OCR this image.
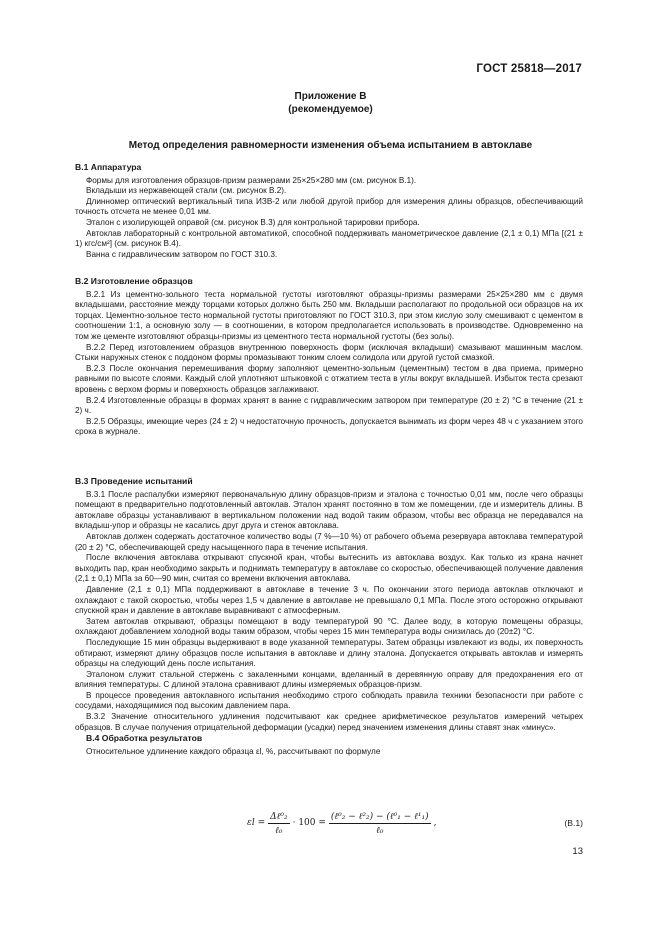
ГОСТ 25818—2017
Приложение В
(рекомендуемое)
Метод определения равномерности изменения объема испытанием в автоклаве
В.1 Аппаратура
Формы для изготовления образцов-призм размерами 25×25×280 мм (см. рисунок В.1).
Вкладыши из нержавеющей стали (см. рисунок В.2).
Длинномер оптический вертикальный типа ИЗВ-2 или любой другой прибор для измерения длины образцов, обеспечивающий точность отсчета не менее 0,01 мм.
Эталон с изолирующей оправой (см. рисунок В.3) для контрольной тарировки прибора.
Автоклав лабораторный с контрольной автоматикой, способной поддерживать манометрическое давление (2,1 ± 0,1) МПа [(21 ± 1) кгс/см²] (см. рисунок В.4).
Ванна с гидравлическим затвором по ГОСТ 310.3.
В.2 Изготовление образцов
В.2.1 Из цементно-зольного теста нормальной густоты изготовляют образцы-призмы размерами 25×25×280 мм с двумя вкладышами, расстояние между торцами которых должно быть 250 мм. Вкладыши располагают по продольной оси образцов на их торцах. Цементно-зольное тесто нормальной густоты приготовляют по ГОСТ 310.3, при этом кислую золу смешивают с цементом в соотношении 1:1, а основную золу — в соотношении, в котором предполагается использовать в производстве. Одновременно на том же цементе изготовляют образцы-призмы из цементного теста нормальной густоты (без золы).
В.2.2 Перед изготовлением образцов внутреннюю поверхность форм (исключая вкладыши) смазывают машинным маслом. Стыки наружных стенок с поддоном формы промазывают тонким слоем солидола или другой густой смазкой.
В.2.3 После окончания перемешивания форму заполняют цементно-зольным (цементным) тестом в два приема, примерно равными по высоте слоями. Каждый слой уплотняют штыковкой с отжатием теста в углы вокруг вкладышей. Избыток теста срезают вровень с верхом формы и поверхность образцов заглаживают.
В.2.4 Изготовленные образцы в формах хранят в ванне с гидравлическим затвором при температуре (20 ± 2) °С в течение (21 ± 2) ч.
В.2.5 Образцы, имеющие через (24 ± 2) ч недостаточную прочность, допускается вынимать из форм через 48 ч с указанием этого срока в журнале.
В.3 Проведение испытаний
В.3.1 После распалубки измеряют первоначальную длину образцов-призм и эталона с точностью 0,01 мм, после чего образцы помещают в предварительно подготовленный автоклав. Эталон хранят постоянно в том же помещении, где и измеритель длины. В автоклаве образцы устанавливают в вертикальном положении над водой таким образом, чтобы вес образца не передавался на вкладыш-упор и образцы не касались друг друга и стенок автоклава.
Автоклав должен содержать достаточное количество воды (7 %—10 %) от рабочего объема резервуара автоклава температурой (20 ± 2) °С, обеспечивающей среду насыщенного пара в течение испытания.
После включения автоклава открывают спускной кран, чтобы вытеснить из автоклава воздух. Как только из крана начнет выходить пар, кран необходимо закрыть и поднимать температуру в автоклаве со скоростью, обеспечивающей получение давления (2,1 ± 0,1) МПа за 60—90 мин, считая со времени включения автоклава.
Давление (2,1 ± 0,1) МПа поддерживают в автоклаве в течение 3 ч. По окончании этого периода автоклав отключают и охлаждают с такой скоростью, чтобы через 1,5 ч давление в автоклаве не превышало 0,1 МПа. После этого осторожно открывают спускной кран и давление в автоклаве выравнивают с атмосферным.
Затем автоклав открывают, образцы помещают в воду температурой 90 °С. Далее воду, в которую помещены образцы, охлаждают добавлением холодной воды таким образом, чтобы через 15 мин температура воды снизилась до (20±2) °С.
Последующие 15 мин образцы выдерживают в воде указанной температуры. Затем образцы извлекают из воды, их поверхность обтирают, измеряют длину образцов после испытания в автоклаве и длину эталона. Допускается открывать автоклав и измерять образцы на следующий день после испытания.
Эталоном служит стальной стержень с закаленными концами, вделанный в деревянную оправу для предохранения его от влияния температуры. С длиной эталона сравнивают длины измеряемых образцов-призм.
В процессе проведения автоклавного испытания необходимо строго соблюдать правила техники безопасности при работе с сосудами, находящимися под высоким давлением пара.
В.3.2 Значение относительного удлинения подсчитывают как среднее арифметическое результатов измерений четырех образцов. В случае получения отрицательной деформации (усадки) перед значением изменения длины ставят знак «минус».
В.4 Обработка результатов
Относительное удлинение каждого образца εl, %, рассчитывают по формуле
$\varepsilon l = \frac{\text{Δℓ⁰₂}}{\text{ℓ₀}} \cdot 100 = \frac{\text{(ℓ⁰₂ − ℓ²₂) − (ℓ⁰₁ − ℓ¹₁)}}{\text{ℓ₀}}$ ,	(В.1)
13
